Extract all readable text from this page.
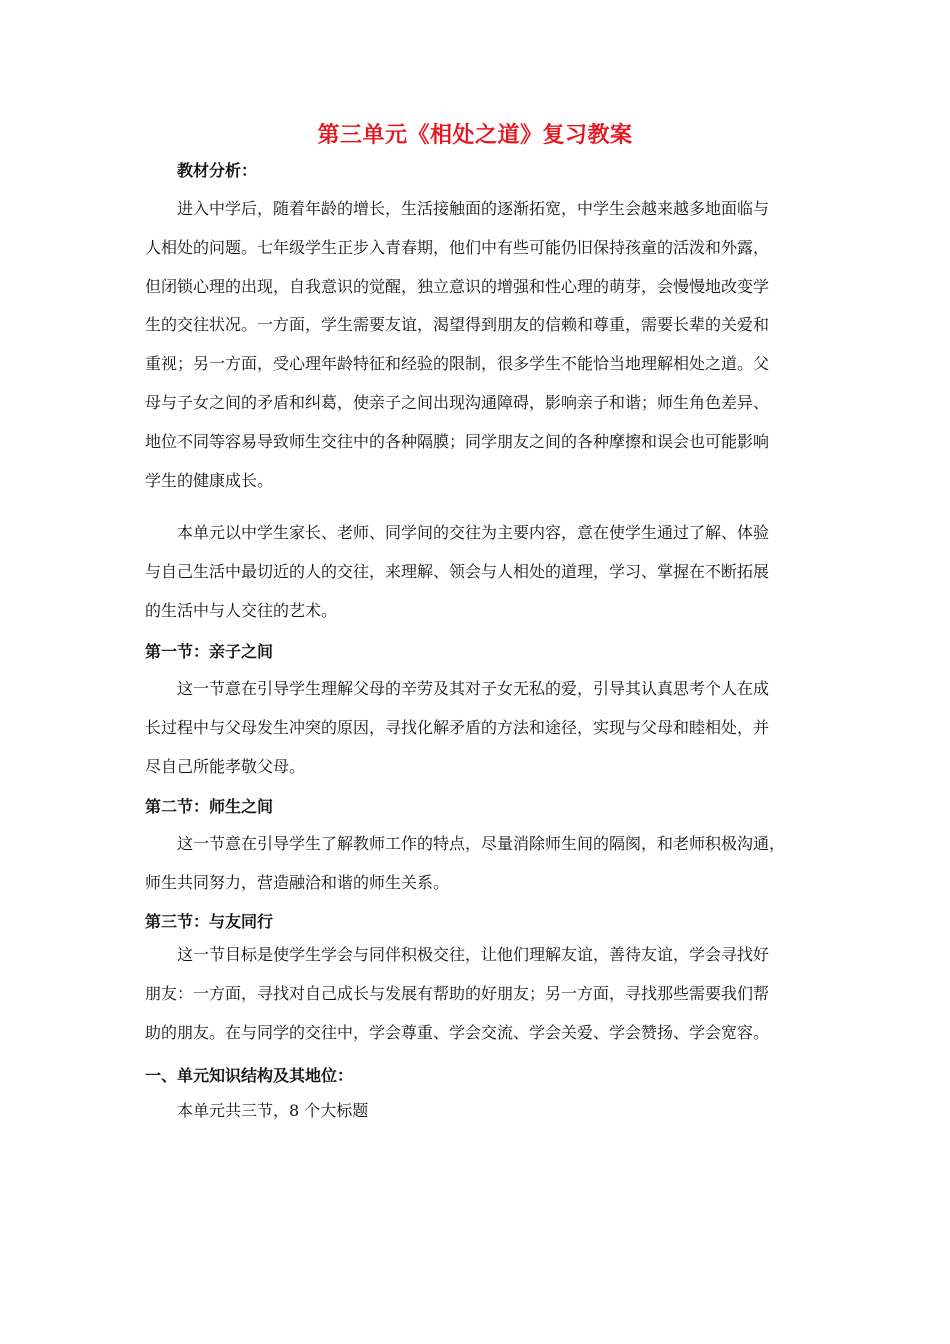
第三单元《相处之道》复习教案
教材分析：
进入中学后，随着年龄的增长，生活接触面的逐渐拓宽，中学生会越来越多地面临与
人相处的问题。七年级学生正步入青春期，他们中有些可能仍旧保持孩童的活泼和外露，
但闭锁心理的出现，自我意识的觉醒，独立意识的增强和性心理的萌芽，会慢慢地改变学
生的交往状况。一方面，学生需要友谊，渴望得到朋友的信赖和尊重，需要长辈的关爱和
重视；另一方面，受心理年龄特征和经验的限制，很多学生不能恰当地理解相处之道。父
母与子女之间的矛盾和纠葛，使亲子之间出现沟通障碍，影响亲子和谐；师生角色差异、
地位不同等容易导致师生交往中的各种隔膜；同学朋友之间的各种摩擦和误会也可能影响
学生的健康成长。
本单元以中学生家长、老师、同学间的交往为主要内容，意在使学生通过了解、体验
与自己生活中最切近的人的交往，来理解、领会与人相处的道理，学习、掌握在不断拓展
的生活中与人交往的艺术。
第一节：亲子之间
这一节意在引导学生理解父母的辛劳及其对子女无私的爱，引导其认真思考个人在成
长过程中与父母发生冲突的原因，寻找化解矛盾的方法和途径，实现与父母和睦相处，并
尽自己所能孝敬父母。
第二节：师生之间
这一节意在引导学生了解教师工作的特点，尽量消除师生间的隔阂，和老师积极沟通，
师生共同努力，营造融洽和谐的师生关系。
第三节：与友同行
这一节目标是使学生学会与同伴积极交往，让他们理解友谊，善待友谊，学会寻找好
朋友：一方面，寻找对自己成长与发展有帮助的好朋友；另一方面，寻找那些需要我们帮
助的朋友。在与同学的交往中，学会尊重、学会交流、学会关爱、学会赞扬、学会宽容。
一、单元知识结构及其地位：
本单元共三节，8 个大标题
